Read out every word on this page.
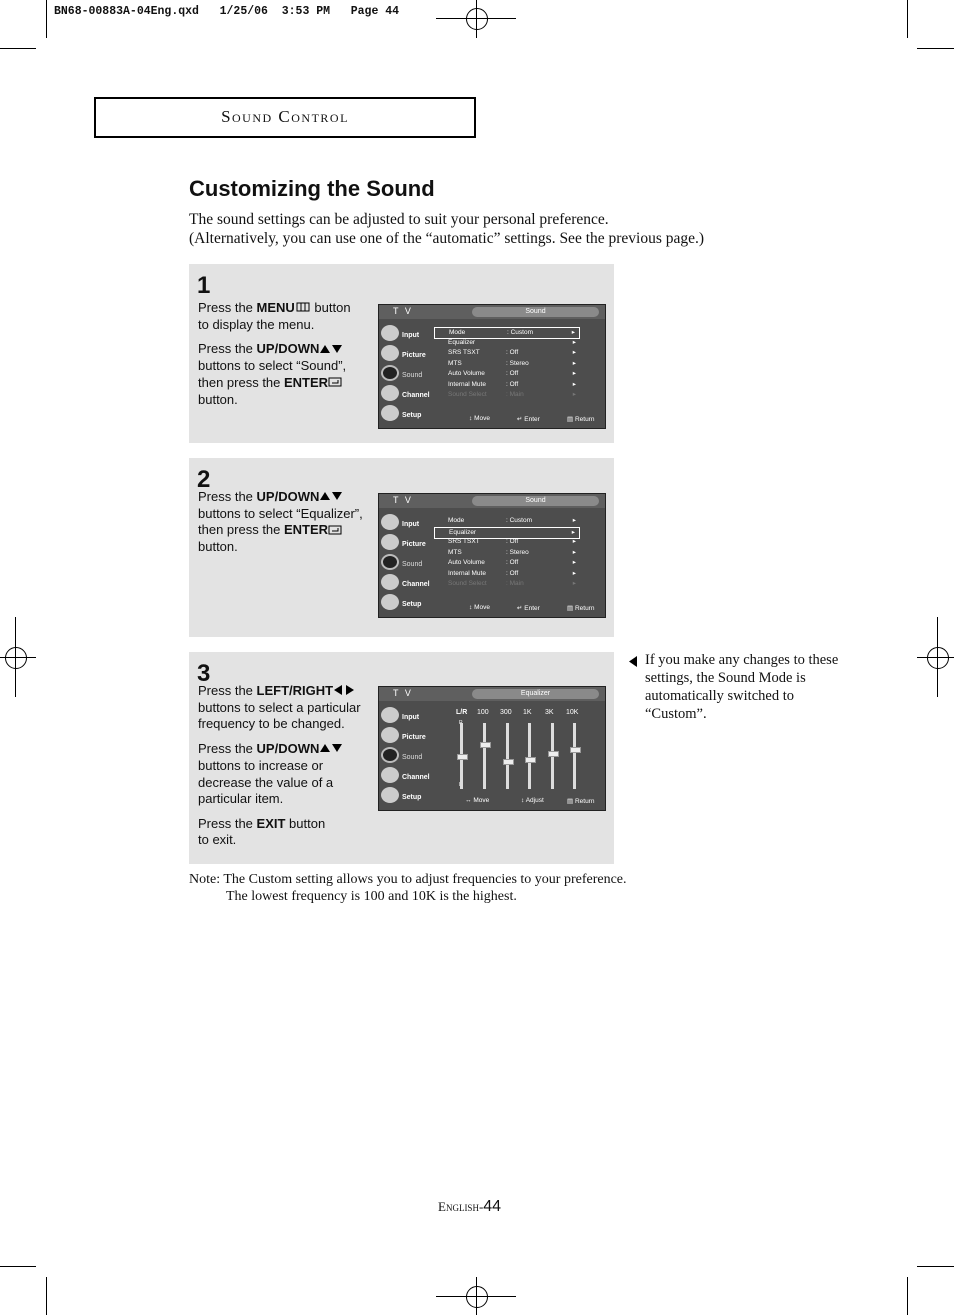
BN68-00883A-04Eng.qxd   1/25/06  3:53 PM   Page 44
Sound Control
Customizing the Sound
The sound settings can be adjusted to suit your personal preference.
(Alternatively, you can use one of the “automatic” settings. See the previous page.)
1

Press the MENU button to display the menu.

Press the UP/DOWN buttons to select “Sound”, then press the ENTER button.

T V	Sound
Input
Picture
Sound
Channel
Setup
Mode	: Custom	▸
Equalizer	▸
SRS TSXT	: Off	▸
MTS	: Stereo	▸
Auto Volume	: Off	▸
Internal Mute	: Off	▸
Sound Select	: Main	▸
↕ Move	↵ Enter	▤ Return
2

Press the UP/DOWN buttons to select “Equalizer”, then press the ENTER button.

T V	Sound
Input
Picture
Sound
Channel
Setup
Mode	: Custom	▸
Equalizer	▸
SRS TSXT	: Off	▸
MTS	: Stereo	▸
Auto Volume	: Off	▸
Internal Mute	: Off	▸
Sound Select	: Main	▸
↕ Move	↵ Enter	▤ Return
3

Press the LEFT/RIGHT buttons to select a particular frequency to be changed.

Press the UP/DOWN buttons to increase or decrease the value of a particular item.

Press the EXIT button to exit.

T V	Equalizer
Input
Picture
Sound
Channel
Setup
L/R 100 300 1K 3K 10K
↔ Move	↕ Adjust	▤ Return
If you make any changes to these settings, the Sound Mode is automatically switched to “Custom”.
Note: The Custom setting allows you to adjust frequencies to your preference.
The lowest frequency is 100 and 10K is the highest.
English-44
